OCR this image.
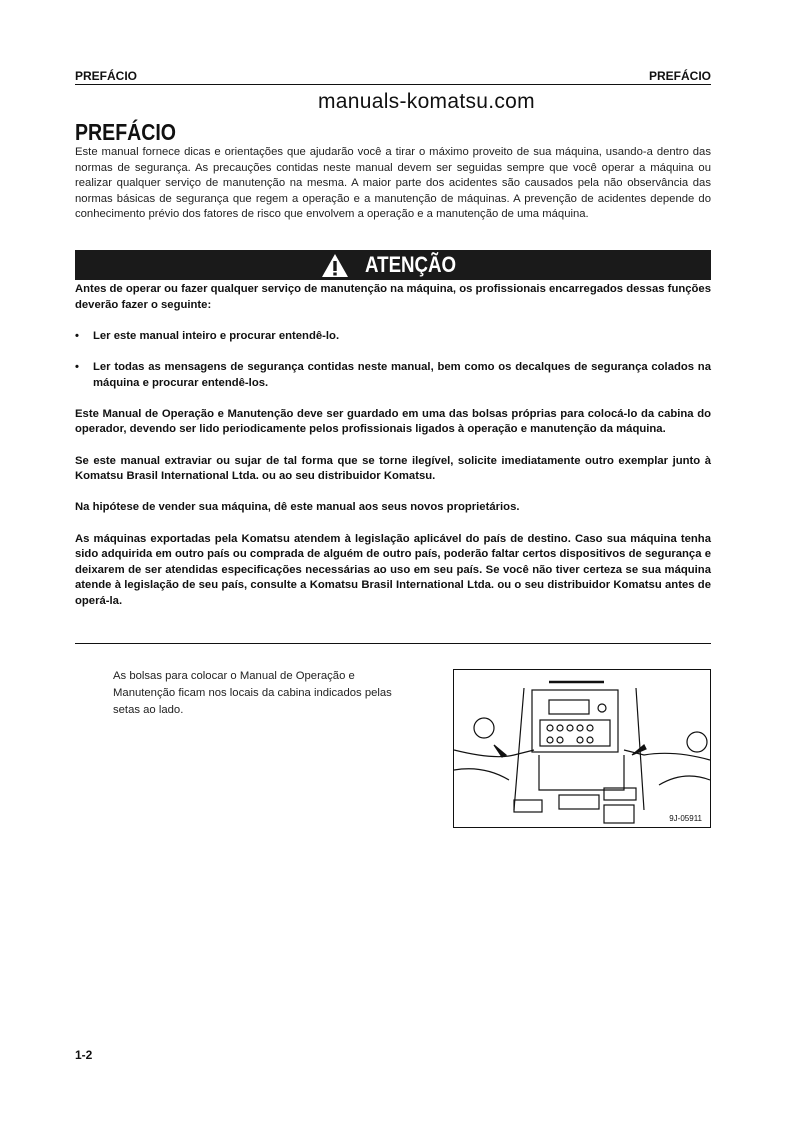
PREFÁCIO	PREFÁCIO
manuals-komatsu.com
PREFÁCIO
Este manual fornece dicas e orientações que ajudarão você a tirar o máximo proveito de sua máquina, usando-a dentro das normas de segurança. As precauções contidas neste manual devem ser seguidas sempre que você operar a máquina ou realizar qualquer serviço de manutenção na mesma. A maior parte dos acidentes são causados pela não observância das normas básicas de segurança que regem a operação e a manutenção de máquinas. A prevenção de acidentes depende do conhecimento prévio dos fatores de risco que envolvem a operação e a manutenção de uma máquina.
ATENÇÃO

Antes de operar ou fazer qualquer serviço de manutenção na máquina, os profissionais encarregados dessas funções deverão fazer o seguinte:

•	Ler este manual inteiro e procurar entendê-lo.

•	Ler todas as mensagens de segurança contidas neste manual, bem como os decalques de segurança colados na máquina e procurar entendê-los.

Este Manual de Operação e Manutenção deve ser guardado em uma das bolsas próprias para colocá-lo da cabina do operador, devendo ser lido periodicamente pelos profissionais ligados à operação e manutenção da máquina.

Se este manual extraviar ou sujar de tal forma que se torne ilegível, solicite imediatamente outro exemplar junto à Komatsu Brasil International Ltda. ou ao seu distribuidor Komatsu.

Na hipótese de vender sua máquina, dê este manual aos seus novos proprietários.

As máquinas exportadas pela Komatsu atendem à legislação aplicável do país de destino. Caso sua máquina tenha sido adquirida em outro país ou comprada de alguém de outro país, poderão faltar certos dispositivos de segurança e deixarem de ser atendidas especificações necessárias ao uso em seu país. Se você não tiver certeza se sua máquina atende à legislação de seu país, consulte a Komatsu Brasil International Ltda. ou o seu distribuidor Komatsu antes de operá-la.

As bolsas para colocar o Manual de Operação e Manutenção ficam nos locais da cabina indicados pelas setas ao lado.
9J-05911
1-2
